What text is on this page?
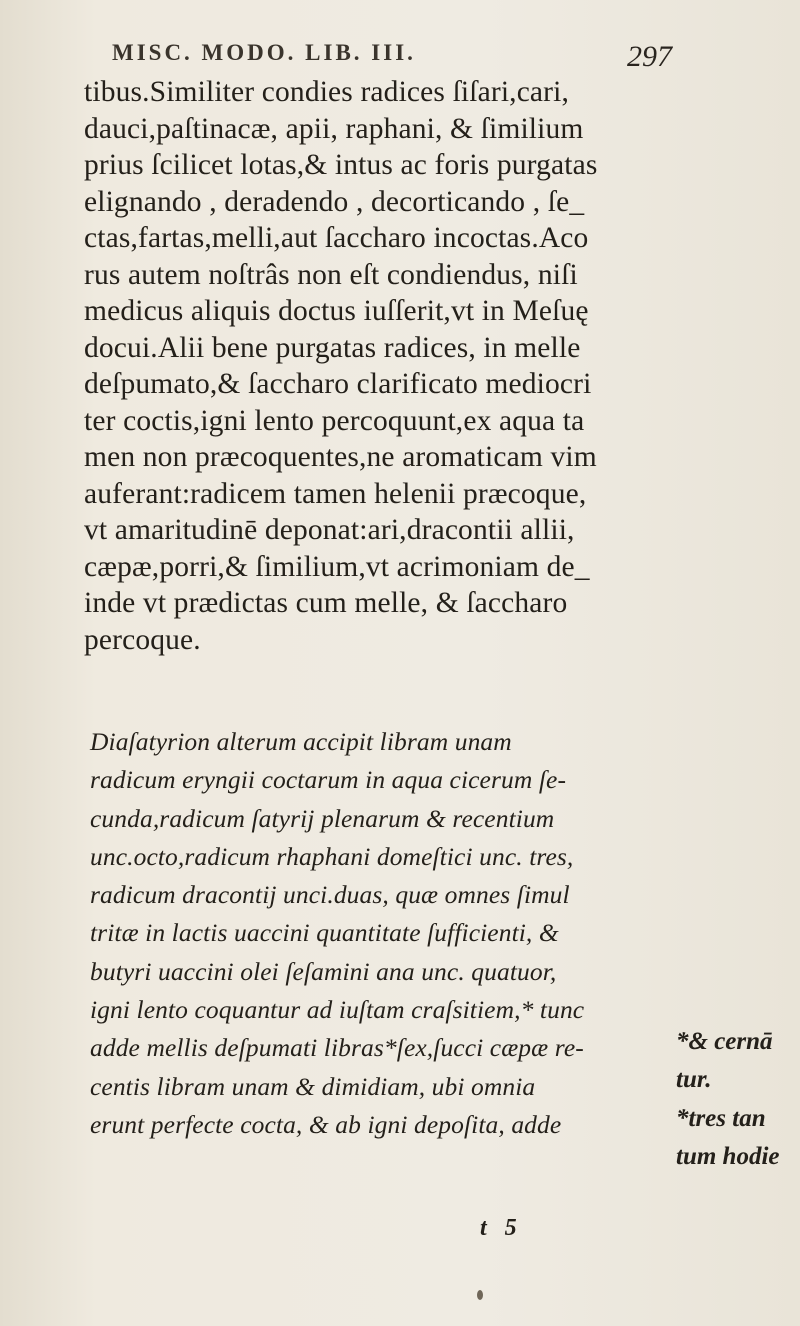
MISC. MODO. LIB. III.	297
tibus.Similiter condies radices ſiſari,cari,
dauci,paſtinacæ, apii, raphani, & ſimilium
prius ſcilicet lotas,& intus ac foris purgatas
elignando , deradendo , decorticando , ſe_
ctas,fartas,melli,aut ſaccharo incoctas.Aco
rus autem noſtrâs non eſt condiendus, niſi
medicus aliquis doctus iuſſerit,vt in Meſuę
docui.Alii bene purgatas radices, in melle
deſpumato,& ſaccharo clarificato mediocri
ter coctis,igni lento percoquunt,ex aqua ta
men non præcoquentes,ne aromaticam vim
auferant:radicem tamen helenii præcoque,
vt amaritudinē deponat:ari,dracontii allii,
cæpæ,porri,& ſimilium,vt acrimoniam de_
inde vt prædictas cum melle, & ſaccharo
percoque.
Diaſatyrion alterum accipit libram unam
radicum eryngii coctarum in aqua cicerum ſe-
cunda,radicum ſatyrij plenarum & recentium
unc.octo,radicum rhaphani domeſtici unc. tres,
radicum dracontij unci.duas, quæ omnes ſimul
tritæ in lactis uaccini quantitate ſufficienti, &
butyri uaccini olei ſeſamini ana unc. quatuor,
igni lento coquantur ad iuſtam craſsitiem,* tunc
adde mellis deſpumati libras*ſex,ſucci cæpæ re-
centis libram unam & dimidiam, ubi omnia
erunt perfecte cocta, & ab igni depoſita, adde
*& cernā
tur.
*tres tan
tum hodie
t 5
